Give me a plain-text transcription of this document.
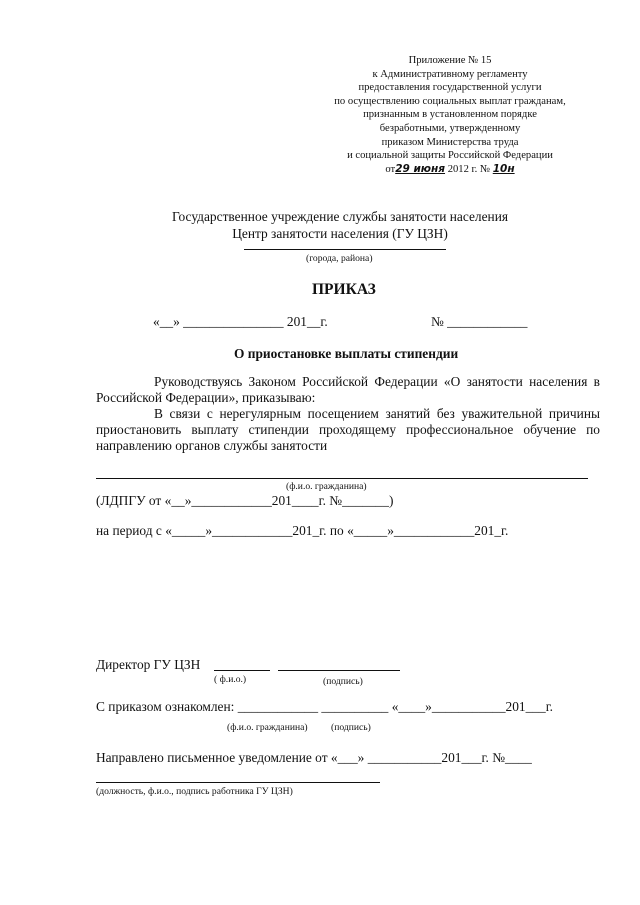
Приложение № 15
к Административному регламенту
предоставления государственной услуги
по осуществлению социальных выплат гражданам,
признанным в установленном порядке
безработными, утвержденному
приказом Министерства труда
и социальной защиты Российской Федерации
от29 июня 2012 г. № 10н
Государственное учреждение службы занятости населения
Центр занятости населения (ГУ ЦЗН)
(города, района)
ПРИКАЗ
«__» _______________ 201__г.	№ ____________
О приостановке выплаты стипендии

Руководствуясь Законом Российской Федерации «О занятости населения в Российской Федерации», приказываю:

В связи с нерегулярным посещением занятий без уважительной причины приостановить выплату стипендии проходящему профессиональное обучение по направлению органов службы занятости

(ф.и.о. гражданина)
(ЛДПГУ от «__»____________201____г. №_______)
на период с «_____»____________201_г. по «_____»____________201_г.
Директор ГУ ЦЗН
( ф.и.о.)	(подпись)
С приказом ознакомлен: ____________ __________ «____»___________201___г.
(ф.и.о. гражданина) (подпись)
Направлено письменное уведомление от «___» ___________201___г. №____
(должность, ф.и.о., подпись работника ГУ ЦЗН)
